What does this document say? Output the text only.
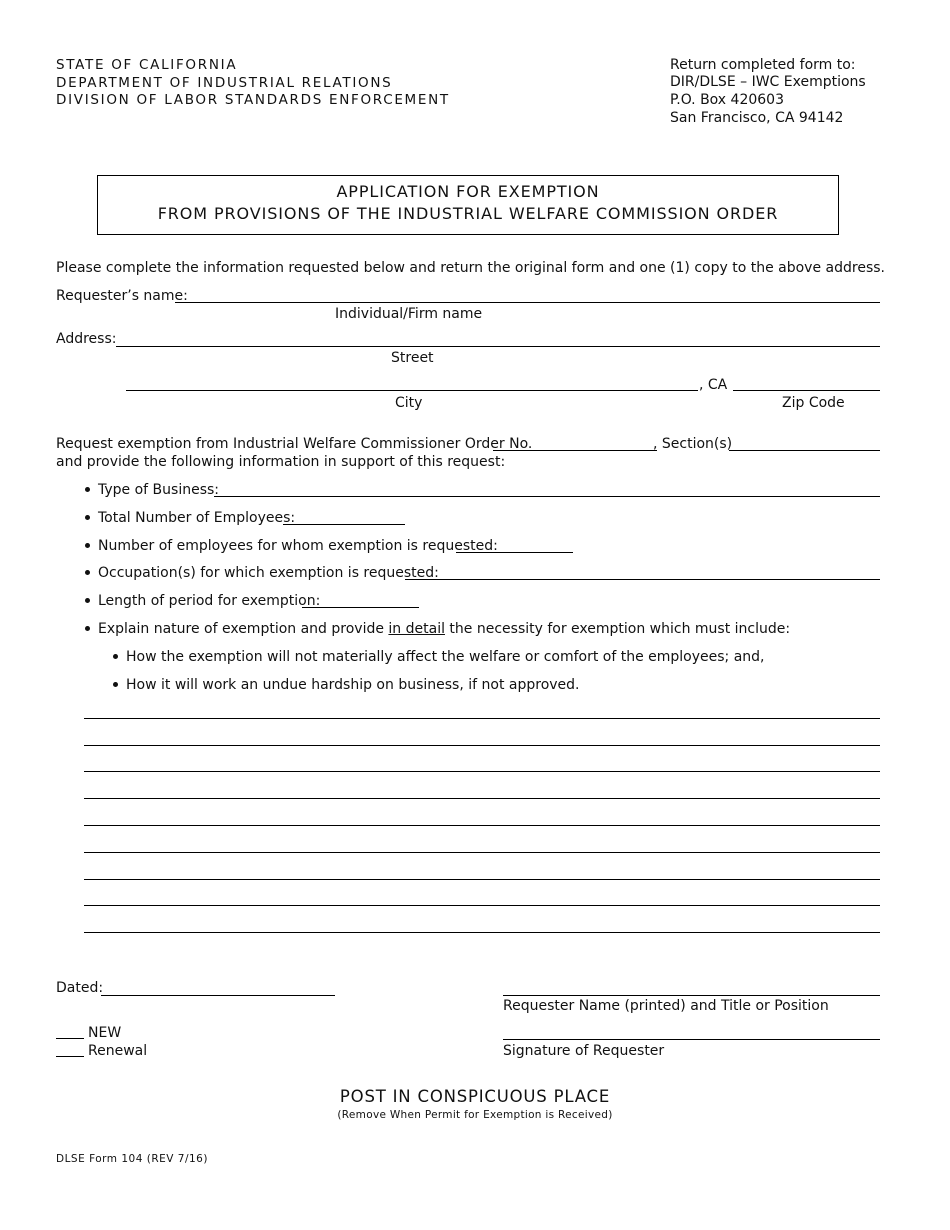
STATE OF CALIFORNIA
DEPARTMENT OF INDUSTRIAL RELATIONS
DIVISION OF LABOR STANDARDS ENFORCEMENT
Return completed form to:
DIR/DLSE – IWC Exemptions
P.O. Box 420603
San Francisco, CA 94142
APPLICATION FOR EXEMPTION
FROM PROVISIONS OF THE INDUSTRIAL WELFARE COMMISSION ORDER
Please complete the information requested below and return the original form and one (1) copy to the above address.
Requester’s name:
Individual/Firm name
Address:
Street
, CA
City	Zip Code
Request exemption from Industrial Welfare Commissioner Order No.	, Section(s)
and provide the following information in support of this request:
Type of Business:
Total Number of Employees:
Number of employees for whom exemption is requested:
Occupation(s) for which exemption is requested:
Length of period for exemption:
Explain nature of exemption and provide in detail the necessity for exemption which must include:
How the exemption will not materially affect the welfare or comfort of the employees; and,
How it will work an undue hardship on business, if not approved.
Dated:
Requester Name (printed) and Title or Position
NEW
Renewal	Signature of Requester
POST IN CONSPICUOUS PLACE
(Remove When Permit for Exemption is Received)
DLSE Form 104 (REV 7/16)
